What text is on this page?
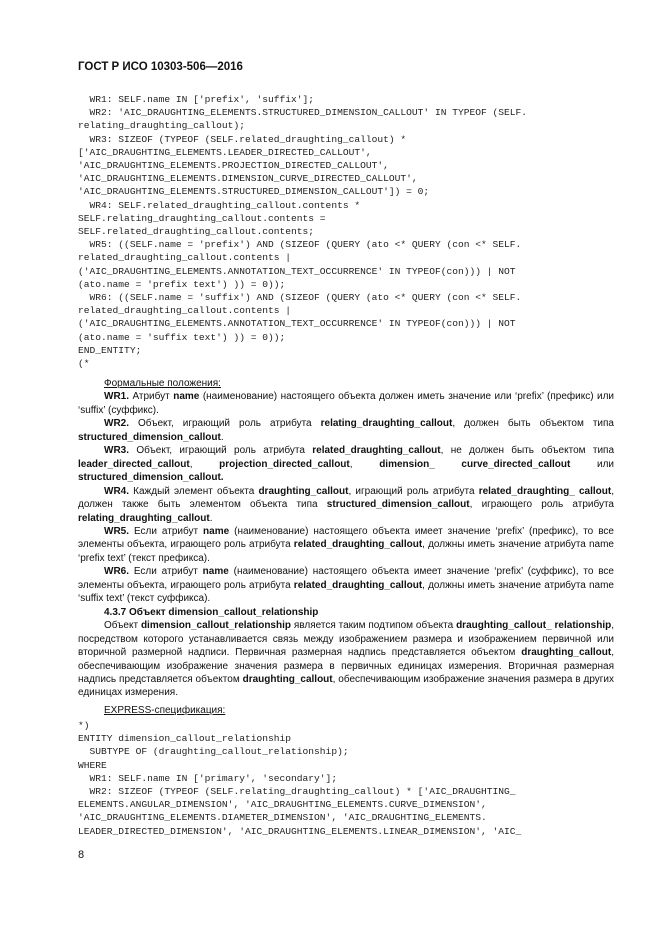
ГОСТ Р ИСО 10303-506—2016
WR1: SELF.name IN ['prefix', 'suffix'];
WR2: 'AIC_DRAUGHTING_ELEMENTS.STRUCTURED_DIMENSION_CALLOUT' IN TYPEOF (SELF.
relating_draughting_callout);
WR3: SIZEOF (TYPEOF (SELF.related_draughting_callout) *
['AIC_DRAUGHTING_ELEMENTS.LEADER_DIRECTED_CALLOUT',
'AIC_DRAUGHTING_ELEMENTS.PROJECTION_DIRECTED_CALLOUT',
'AIC_DRAUGHTING_ELEMENTS.DIMENSION_CURVE_DIRECTED_CALLOUT',
'AIC_DRAUGHTING_ELEMENTS.STRUCTURED_DIMENSION_CALLOUT']) = 0;
WR4: SELF.related_draughting_callout.contents *
SELF.relating_draughting_callout.contents =
SELF.related_draughting_callout.contents;
WR5: ((SELF.name = 'prefix') AND (SIZEOF (QUERY (ato <* QUERY (con <* SELF.
related_draughting_callout.contents |
('AIC_DRAUGHTING_ELEMENTS.ANNOTATION_TEXT_OCCURRENCE' IN TYPEOF(con))) | NOT
(ato.name = 'prefix text') )) = 0));
WR6: ((SELF.name = 'suffix') AND (SIZEOF (QUERY (ato <* QUERY (con <* SELF.
related_draughting_callout.contents |
('AIC_DRAUGHTING_ELEMENTS.ANNOTATION_TEXT_OCCURRENCE' IN TYPEOF(con))) | NOT
(ato.name = 'suffix text') )) = 0));
END_ENTITY;
(*

Формальные положения:

WR1. Атрибут name (наименование) настоящего объекта должен иметь значение или ‘prefix’ (префикс) или ‘suffix’ (суффикс).

WR2. Объект, играющий роль атрибута relating_draughting_callout, должен быть объектом типа structured_dimension_callout.

WR3. Объект, играющий роль атрибута related_draughting_callout, не должен быть объектом типа leader_directed_callout, projection_directed_callout, dimension_ curve_directed_callout или structured_dimension_callout.

WR4. Каждый элемент объекта draughting_callout, играющий роль атрибута related_draughting_ callout, должен также быть элементом объекта типа structured_dimension_callout, играющего роль атрибута relating_draughting_callout.

WR5. Если атрибут name (наименование) настоящего объекта имеет значение ‘prefix’ (префикс), то все элементы объекта, играющего роль атрибута related_draughting_callout, должны иметь значение атрибута name ‘prefix text’ (текст префикса).

WR6. Если атрибут name (наименование) настоящего объекта имеет значение ‘prefix’ (суффикс), то все элементы объекта, играющего роль атрибута related_draughting_callout, должны иметь значение атрибута name ‘suffix text’ (текст суффикса).

4.3.7 Объект dimension_callout_relationship

Объект dimension_callout_relationship является таким подтипом объекта draughting_callout_ relationship, посредством которого устанавливается связь между изображением размера и изображением первичной или вторичной размерной надписи. Первичная размерная надпись представляется объектом draughting_callout, обеспечивающим изображение значения размера в первичных единицах измерения. Вторичная размерная надпись представляется объектом draughting_callout, обеспечивающим изображение значения размера в других единицах измерения.

EXPRESS-спецификация:

*)
ENTITY dimension_callout_relationship
SUBTYPE OF (draughting_callout_relationship);
WHERE
WR1: SELF.name IN ['primary', 'secondary'];
WR2: SIZEOF (TYPEOF (SELF.relating_draughting_callout) * ['AIC_DRAUGHTING_
ELEMENTS.ANGULAR_DIMENSION', 'AIC_DRAUGHTING_ELEMENTS.CURVE_DIMENSION',
'AIC_DRAUGHTING_ELEMENTS.DIAMETER_DIMENSION', 'AIC_DRAUGHTING_ELEMENTS.
LEADER_DIRECTED_DIMENSION', 'AIC_DRAUGHTING_ELEMENTS.LINEAR_DIMENSION', 'AIC_
8
